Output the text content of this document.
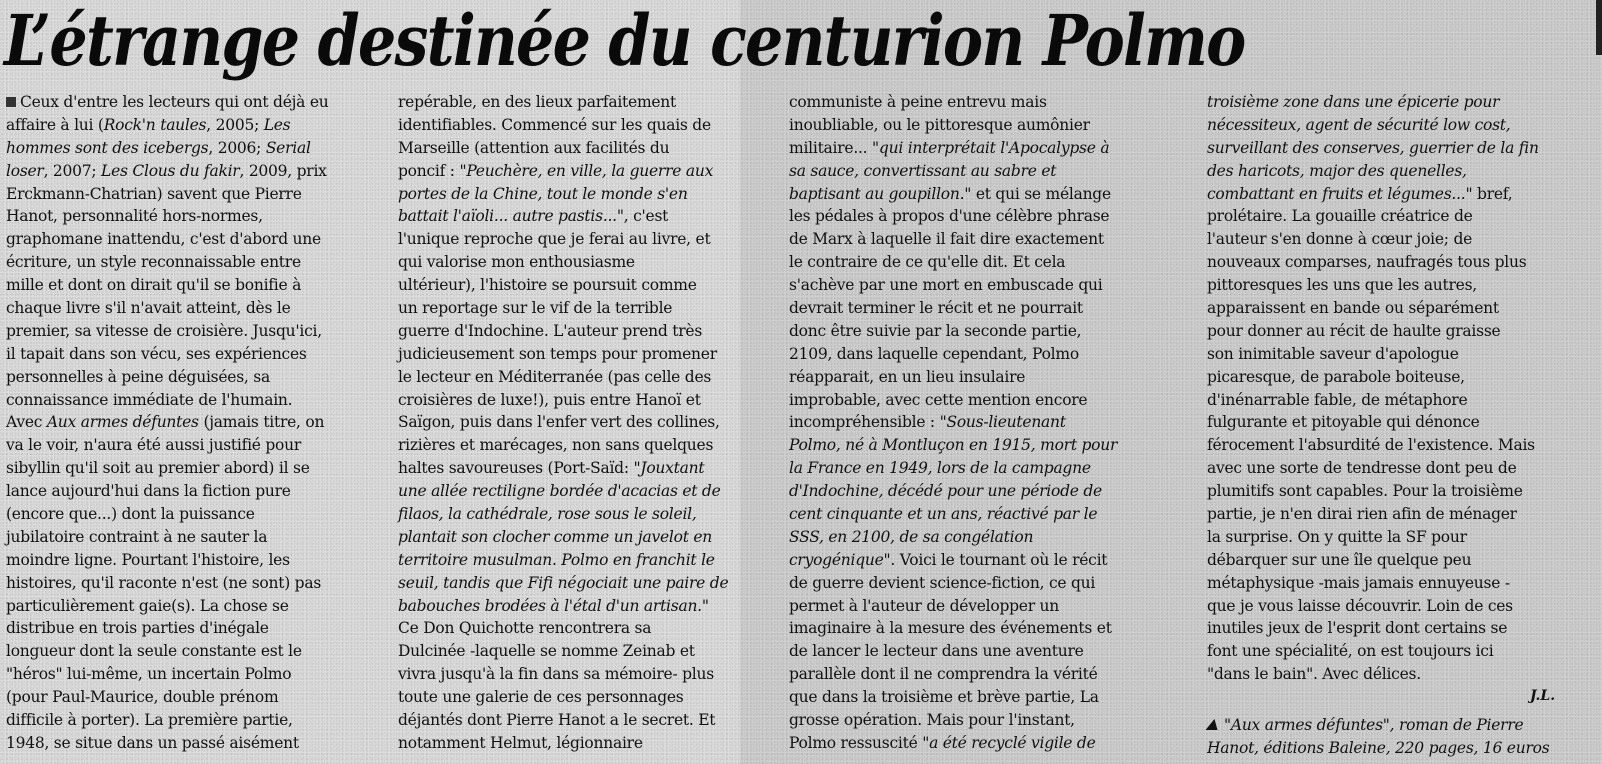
L’étrange destinée du centurion Polmo
Ceux d'entre les lecteurs qui ont déjà eu
affaire à lui (Rock'n taules, 2005; Les
hommes sont des icebergs, 2006; Serial
loser, 2007; Les Clous du fakir, 2009, prix
Erckmann-Chatrian) savent que Pierre
Hanot, personnalité hors-normes,
graphomane inattendu, c'est d'abord une
écriture, un style reconnaissable entre
mille et dont on dirait qu'il se bonifie à
chaque livre s'il n'avait atteint, dès le
premier, sa vitesse de croisière. Jusqu'ici,
il tapait dans son vécu, ses expériences
personnelles à peine déguisées, sa
connaissance immédiate de l'humain.
Avec Aux armes défuntes (jamais titre, on
va le voir, n'aura été aussi justifié pour
sibyllin qu'il soit au premier abord) il se
lance aujourd'hui dans la fiction pure
(encore que...) dont la puissance
jubilatoire contraint à ne sauter la
moindre ligne. Pourtant l'histoire, les
histoires, qu'il raconte n'est (ne sont) pas
particulièrement gaie(s). La chose se
distribue en trois parties d'inégale
longueur dont la seule constante est le
"héros" lui-même, un incertain Polmo
(pour Paul-Maurice, double prénom
difficile à porter). La première partie,
1948, se situe dans un passé aisément
repérable, en des lieux parfaitement
identifiables. Commencé sur les quais de
Marseille (attention aux facilités du
poncif : "Peuchère, en ville, la guerre aux
portes de la Chine, tout le monde s'en
battait l'aïoli... autre pastis...", c'est
l'unique reproche que je ferai au livre, et
qui valorise mon enthousiasme
ultérieur), l'histoire se poursuit comme
un reportage sur le vif de la terrible
guerre d'Indochine. L'auteur prend très
judicieusement son temps pour promener
le lecteur en Méditerranée (pas celle des
croisières de luxe!), puis entre Hanoï et
Saïgon, puis dans l'enfer vert des collines,
rizières et marécages, non sans quelques
haltes savoureuses (Port-Saïd: "Jouxtant
une allée rectiligne bordée d'acacias et de
filaos, la cathédrale, rose sous le soleil,
plantait son clocher comme un javelot en
territoire musulman. Polmo en franchit le
seuil, tandis que Fifi négociait une paire de
babouches brodées à l'étal d'un artisan."
Ce Don Quichotte rencontrera sa
Dulcinée -laquelle se nomme Zeinab et
vivra jusqu'à la fin dans sa mémoire- plus
toute une galerie de ces personnages
déjantés dont Pierre Hanot a le secret. Et
notamment Helmut, légionnaire
communiste à peine entrevu mais
inoubliable, ou le pittoresque aumônier
militaire... "qui interprétait l'Apocalypse à
sa sauce, convertissant au sabre et
baptisant au goupillon." et qui se mélange
les pédales à propos d'une célèbre phrase
de Marx à laquelle il fait dire exactement
le contraire de ce qu'elle dit. Et cela
s'achève par une mort en embuscade qui
devrait terminer le récit et ne pourrait
donc être suivie par la seconde partie,
2109, dans laquelle cependant, Polmo
réapparait, en un lieu insulaire
improbable, avec cette mention encore
incompréhensible : "Sous-lieutenant
Polmo, né à Montluçon en 1915, mort pour
la France en 1949, lors de la campagne
d'Indochine, décédé pour une période de
cent cinquante et un ans, réactivé par le
SSS, en 2100, de sa congélation
cryogénique". Voici le tournant où le récit
de guerre devient science-fiction, ce qui
permet à l'auteur de développer un
imaginaire à la mesure des événements et
de lancer le lecteur dans une aventure
parallèle dont il ne comprendra la vérité
que dans la troisième et brève partie, La
grosse opération. Mais pour l'instant,
Polmo ressuscité "a été recyclé vigile de
troisième zone dans une épicerie pour
nécessiteux, agent de sécurité low cost,
surveillant des conserves, guerrier de la fin
des haricots, major des quenelles,
combattant en fruits et légumes..." bref,
prolétaire. La gouaille créatrice de
l'auteur s'en donne à cœur joie; de
nouveaux comparses, naufragés tous plus
pittoresques les uns que les autres,
apparaissent en bande ou séparément
pour donner au récit de haulte graisse
son inimitable saveur d'apologue
picaresque, de parabole boiteuse,
d'inénarrable fable, de métaphore
fulgurante et pitoyable qui dénonce
férocement l'absurdité de l'existence. Mais
avec une sorte de tendresse dont peu de
plumitifs sont capables. Pour la troisième
partie, je n'en dirai rien afin de ménager
la surprise. On y quitte la SF pour
débarquer sur une île quelque peu
métaphysique -mais jamais ennuyeuse -
que je vous laisse découvrir. Loin de ces
inutiles jeux de l'esprit dont certains se
font une spécialité, on est toujours ici
"dans le bain". Avec délices.
J.L.
"Aux armes défuntes", roman de Pierre
Hanot, éditions Baleine, 220 pages, 16 euros
